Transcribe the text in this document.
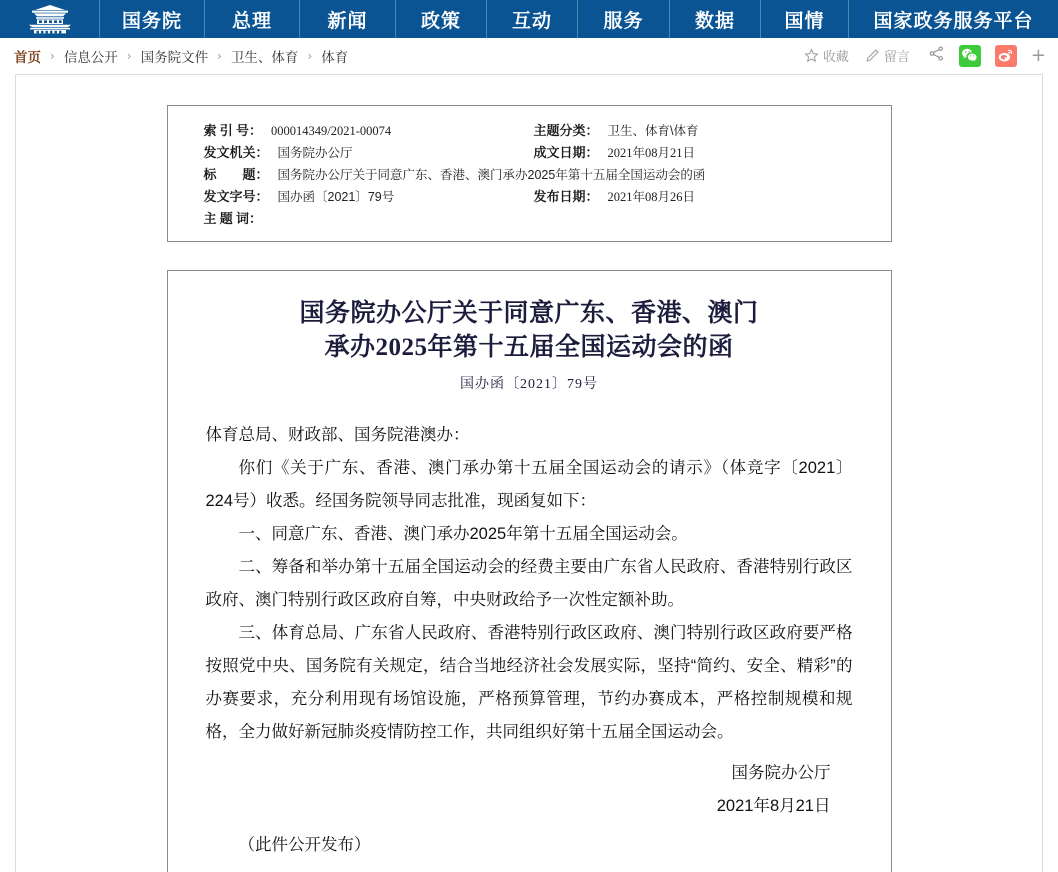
国务院	总理	新闻	政策	互动	服务	数据	国情	国家政务服务平台
首页 › 信息公开 › 国务院文件 › 卫生、体育 › 体育	收藏	留言	+
索 引 号： 000014349/2021-00074	主题分类： 卫生、体育\体育
发文机关： 国务院办公厅	成文日期： 2021年08月21日
标　　题： 国务院办公厅关于同意广东、香港、澳门承办2025年第十五届全国运动会的函
发文字号： 国办函〔2021〕79号	发布日期： 2021年08月26日
主 题 词：
国务院办公厅关于同意广东、香港、澳门
承办2025年第十五届全国运动会的函
国办函〔2021〕79号

体育总局、财政部、国务院港澳办：

你们《关于广东、香港、澳门承办第十五届全国运动会的请示》（体竞字〔2021〕224号）收悉。经国务院领导同志批准，现函复如下：

一、同意广东、香港、澳门承办2025年第十五届全国运动会。

二、筹备和举办第十五届全国运动会的经费主要由广东省人民政府、香港特别行政区政府、澳门特别行政区政府自筹，中央财政给予一次性定额补助。

三、体育总局、广东省人民政府、香港特别行政区政府、澳门特别行政区政府要严格按照党中央、国务院有关规定，结合当地经济社会发展实际，坚持“简约、安全、精彩”的办赛要求，充分利用现有场馆设施，严格预算管理，节约办赛成本，严格控制规模和规格，全力做好新冠肺炎疫情防控工作，共同组织好第十五届全国运动会。

国务院办公厅
2021年8月21日
（此件公开发布）
